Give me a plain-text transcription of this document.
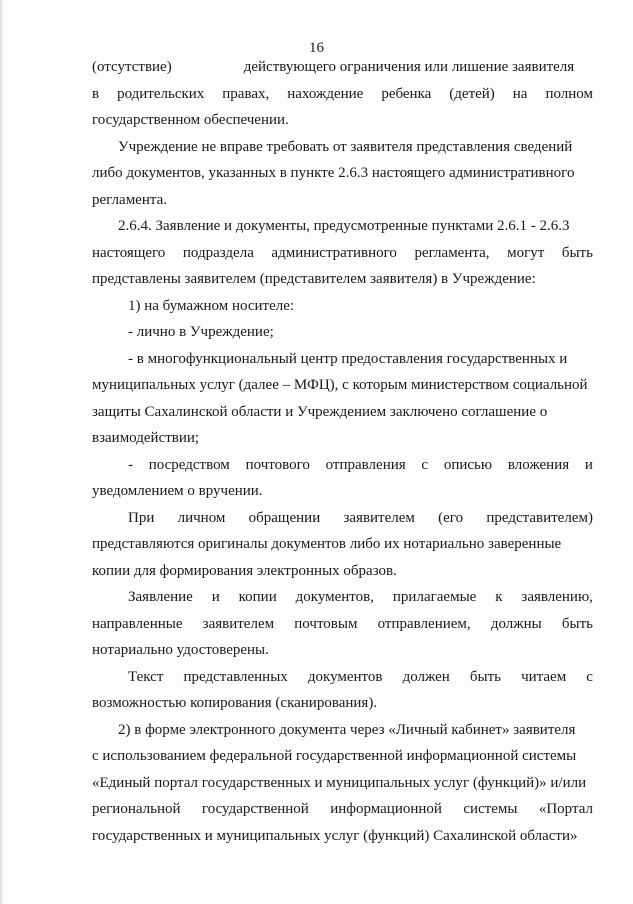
16
(отсутствие)	действующего ограничения или лишение заявителя
в родительских правах, нахождение ребенка (детей) на полном
государственном обеспечении.
Учреждение не вправе требовать от заявителя представления сведений
либо документов, указанных в пункте 2.6.3 настоящего административного
регламента.
2.6.4. Заявление и документы, предусмотренные пунктами 2.6.1 - 2.6.3
настоящего подраздела административного регламента, могут быть
представлены заявителем (представителем заявителя) в Учреждение:
1) на бумажном носителе:
- лично в Учреждение;
- в многофункциональный центр предоставления государственных и
муниципальных услуг (далее – МФЦ), с которым министерством социальной
защиты Сахалинской области и Учреждением заключено соглашение о
взаимодействии;
- посредством почтового отправления с описью вложения и
уведомлением о вручении.
При личном обращении заявителем (его представителем)
представляются оригиналы документов либо их нотариально заверенные
копии для формирования электронных образов.
Заявление и копии документов, прилагаемые к заявлению,
направленные заявителем почтовым отправлением, должны быть
нотариально удостоверены.
Текст представленных документов должен быть читаем с
возможностью копирования (сканирования).
2) в форме электронного документа через «Личный кабинет» заявителя
с использованием федеральной государственной информационной системы
«Единый портал государственных и муниципальных услуг (функций)» и/или
региональной государственной информационной системы «Портал
государственных и муниципальных услуг (функций) Сахалинской области»
